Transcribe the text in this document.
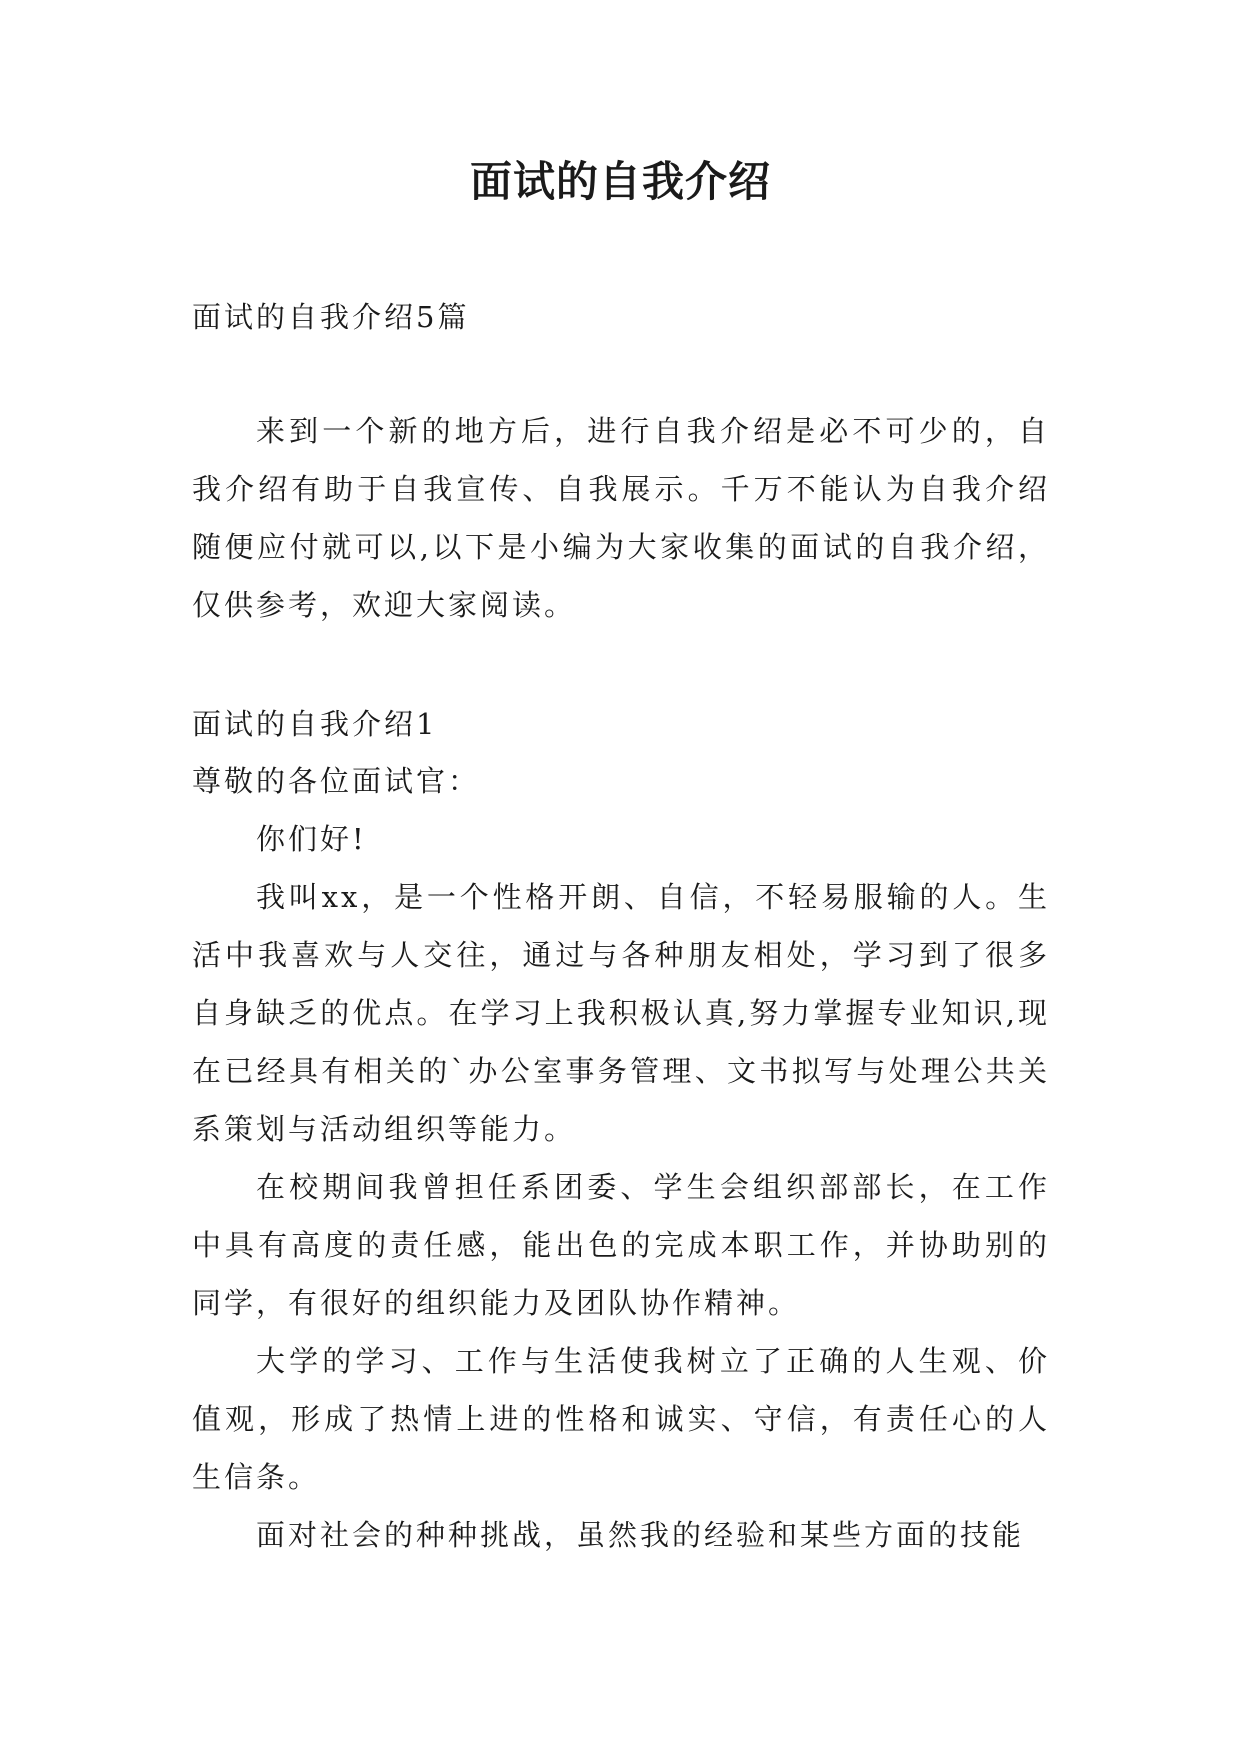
面试的自我介绍

面试的自我介绍5篇

来到一个新的地方后，进行自我介绍是必不可少的，自我介绍有助于自我宣传、自我展示。千万不能认为自我介绍随便应付就可以,以下是小编为大家收集的面试的自我介绍，仅供参考，欢迎大家阅读。

面试的自我介绍1

尊敬的各位面试官：

你们好!

我叫xx，是一个性格开朗、自信，不轻易服输的人。生活中我喜欢与人交往，通过与各种朋友相处，学习到了很多自身缺乏的优点。在学习上我积极认真,努力掌握专业知识,现在已经具有相关的`办公室事务管理、文书拟写与处理公共关系策划与活动组织等能力。

在校期间我曾担任系团委、学生会组织部部长，在工作中具有高度的责任感，能出色的完成本职工作，并协助别的同学，有很好的组织能力及团队协作精神。

大学的学习、工作与生活使我树立了正确的人生观、价值观，形成了热情上进的性格和诚实、守信，有责任心的人生信条。

面对社会的种种挑战，虽然我的经验和某些方面的技能
